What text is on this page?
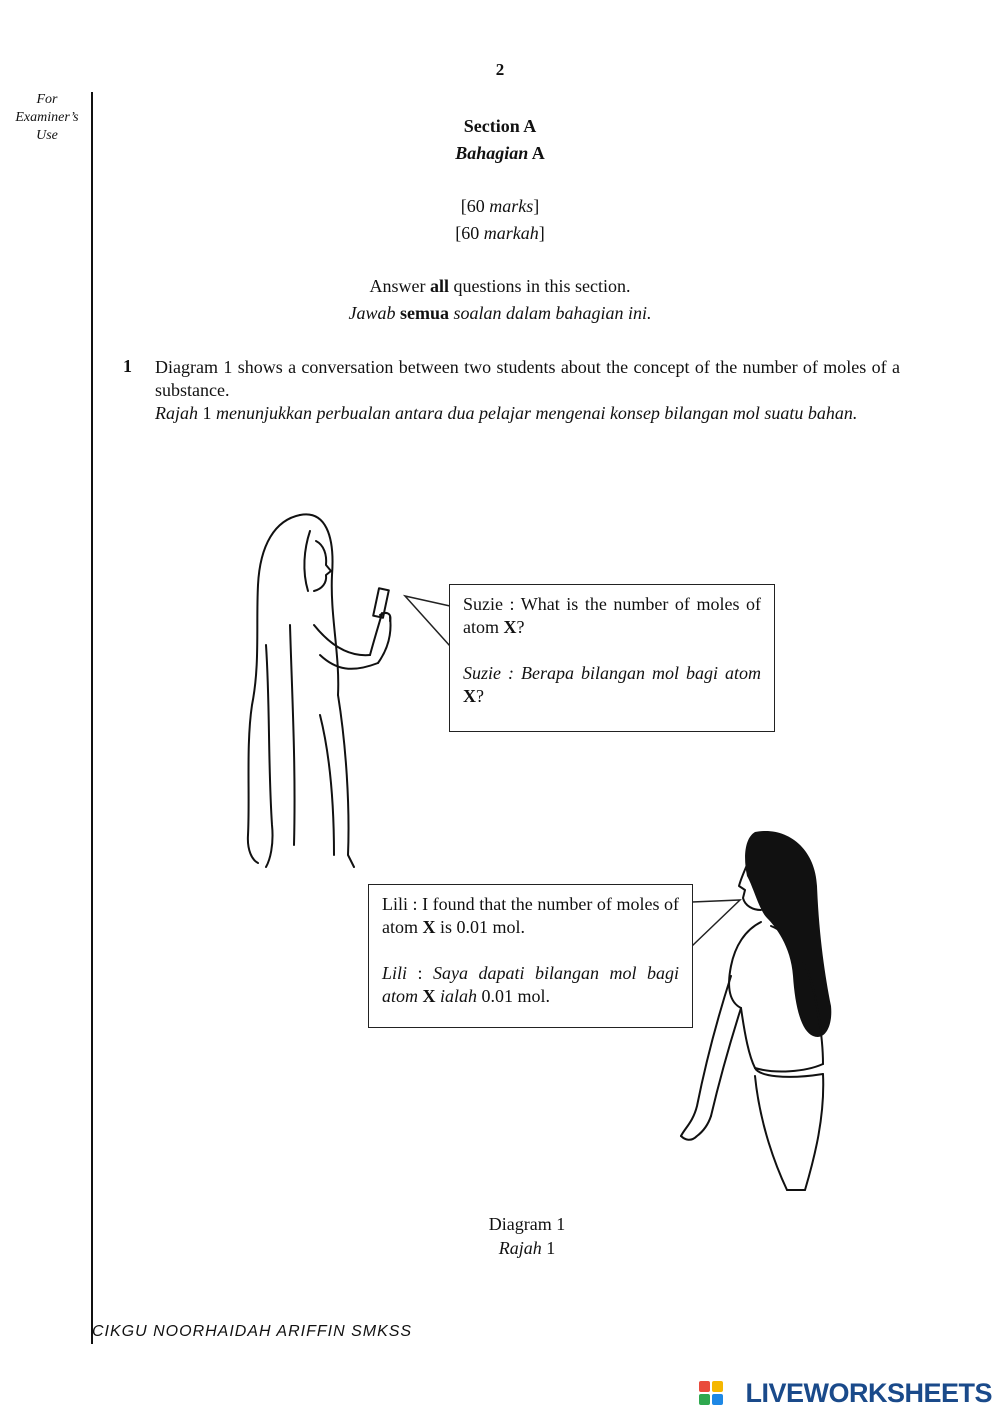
For
Examiner’s
Use
2
Section A
Bahagian A
[60 marks]
[60 markah]
Answer all questions in this section.
Jawab semua soalan dalam bahagian ini.
1 Diagram 1 shows a conversation between two students about the concept of the number of moles of a substance.

Rajah 1 menunjukkan perbualan antara dua pelajar mengenai konsep bilangan mol suatu bahan.

Suzie : What is the number of moles of atom X?

Suzie : Berapa bilangan mol bagi atom X?

Lili : I found that the number of moles of atom X is 0.01 mol.

Lili : Saya dapati bilangan mol bagi atom X ialah 0.01 mol.

Diagram 1
Rajah 1
CIKGU NOORHAIDAH ARIFFIN SMKSS
LIVEWORKSHEETS
